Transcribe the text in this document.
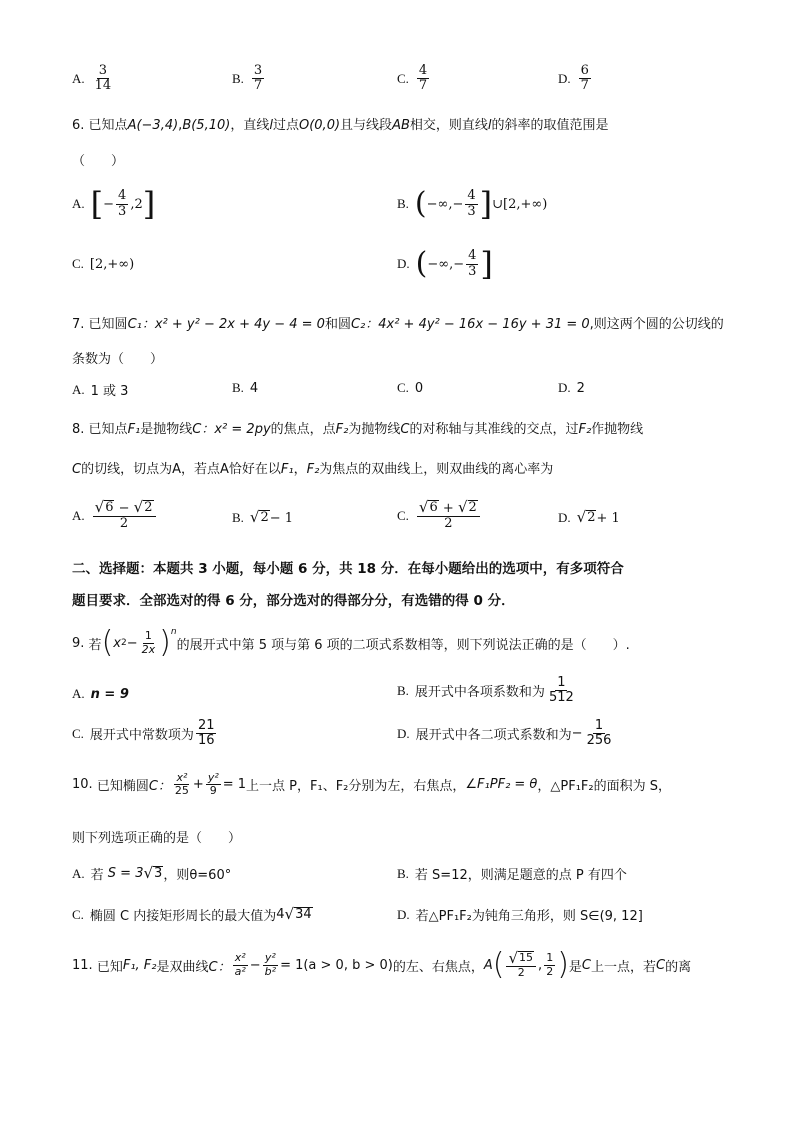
A. $\frac{3}{14}$	B. $\frac{3}{7}$	C. $\frac{4}{7}$	D. $\frac{6}{7}$
6. 已知点A(−3,4),B(5,10)，直线l过点O(0,0)且与线段AB相交，则直线l的斜率的取值范围是
（　　）
A. [ − $\frac{4}{3} ,2$ ]	B. ( −∞,− $\frac{4}{3}$ ] ∪[2,+∞)
C. [2,+∞)	D. ( −∞,− $\frac{4}{3}$ ]
7. 已知圆C₁：x² + y² − 2x + 4y − 4 = 0和圆C₂：4x² + 4y² − 16x − 16y + 31 = 0,则这两个圆的公切线的
条数为（　　）
A. 1 或 3	B. 4	C. 0	D. 2
8. 已知点F₁是抛物线C：x² = 2py的焦点，点F₂为抛物线C的对称轴与其准线的交点，过F₂作抛物线
C的切线，切点为A，若点A恰好在以F₁，F₂为焦点的双曲线上，则双曲线的离心率为
A. $\frac{√ 6 - √ 2}{2}$	B. √ 2 − 1	C. $\frac{√ 6 + √ 2}{2}$	D. √ 2 + 1
二、选择题：本题共 3 小题，每小题 6 分，共 18 分．在每小题给出的选项中，有多项符合
题目要求．全部选对的得 6 分，部分选对的得部分分，有选错的得 0 分．
9.
若 ( x $2 - \frac{1}{2x}$ ) n
的展开式中第 5 项与第 6 项的二项式系数相等，则下列说法正确的是（　　）.
A. n = 9	B. 展开式中各项系数和为 $\frac{1}{512}$
C. 展开式中常数项为 $\frac{21}{16}$	D. 展开式中各二项式系数和为 − $\frac{1}{256}$
10.
已知椭圆 C： $\frac{\text{x²}}{25} + \frac{\text{y²}}{9} = 1$ 上一点 P，F₁、F₂分别为左，右焦点， ∠F₁PF₂ = θ ，△PF₁F₂的面积为 S，
则下列选项正确的是（　　）
A. 若
S = 3 √ 3 ，则θ=60°	B. 若 S=12，则满足题意的点 P 有四个
C. 椭圆 C 内接矩形周长的最大值为 4 √ 34	D. 若△PF₁F₂为钝角三角形，则 S∈(9, 12]
11.
已知 F₁, F₂ 是双曲线 C： $\frac{\text{x²}}{\text{a²}} - \frac{\text{y²}}{\text{b²}} = 1(a > 0$, b > 0) 的左、右焦点， A ( $\frac{√ 15}{2}$ , $\frac{1}{2}$ ) 是 C 上一点，若 C 的离
